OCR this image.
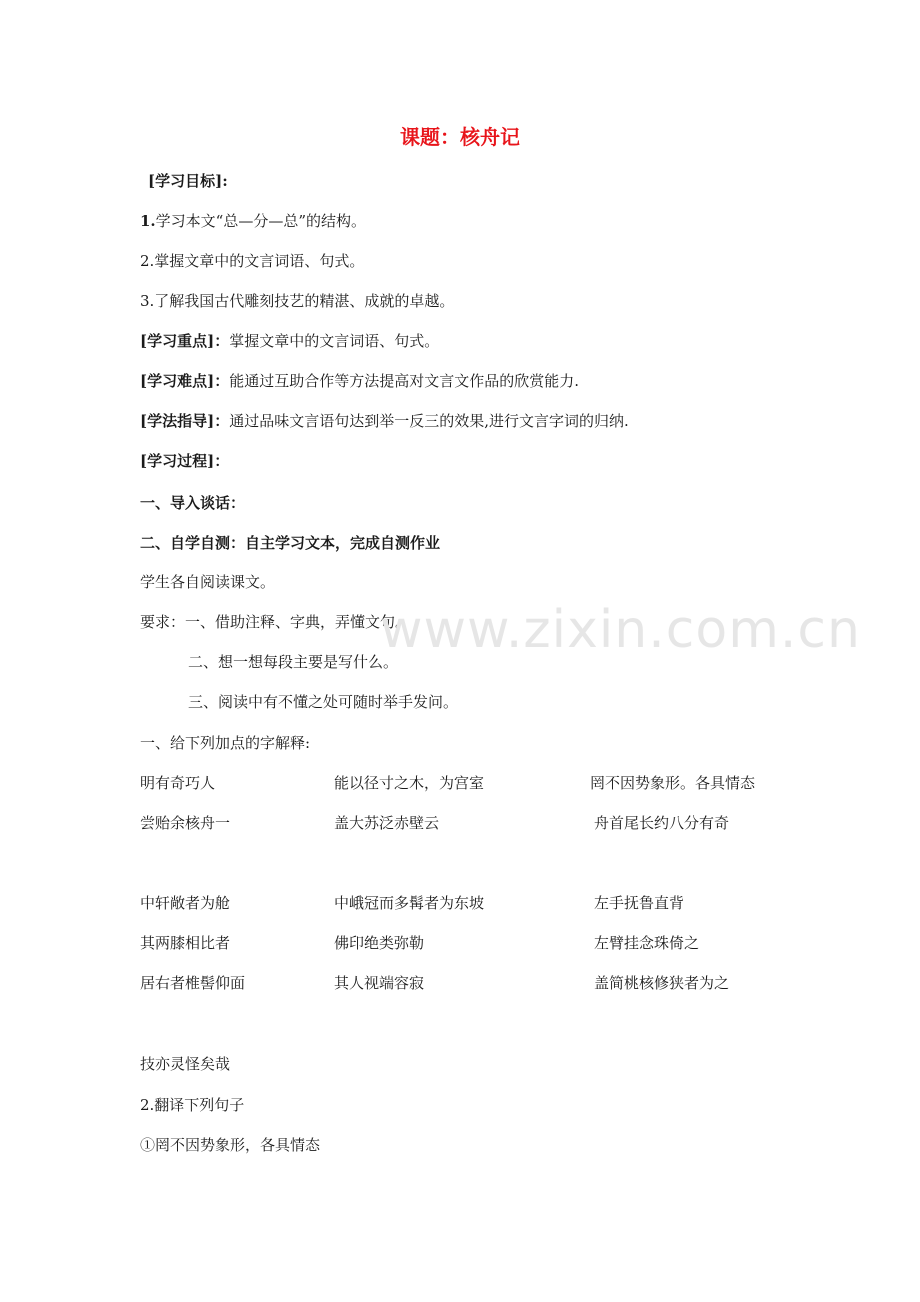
课题：核舟记
[学习目标]:
1.学习本文“总—分—总”的结构。
2.掌握文章中的文言词语、句式。
3.了解我国古代雕刻技艺的精湛、成就的卓越。
[学习重点]：掌握文章中的文言词语、句式。
[学习难点]：能通过互助合作等方法提高对文言文作品的欣赏能力.
[学法指导]：通过品味文言语句达到举一反三的效果,进行文言字词的归纳.
[学习过程]：
一、导入谈话：
二、自学自测：自主学习文本，完成自测作业
学生各自阅读课文。
要求：一、借助注释、字典，弄懂文句。
二、想一想每段主要是写什么。
三、阅读中有不懂之处可随时举手发问。
一、给下列加点的字解释:
明有奇巧人	能以径寸之木，为宫室	罔不因势象形。各具情态
尝贻余核舟一	盖大苏泛赤壁云	舟首尾长约八分有奇
中轩敞者为舱	中峨冠而多髯者为东坡	左手抚鲁直背
其两膝相比者	佛印绝类弥勒	左臂挂念珠倚之
居右者椎髻仰面	其人视端容寂	盖简桃核修狭者为之
技亦灵怪矣哉
2.翻译下列句子
①罔不因势象形，各具情态
www.zixin.com.cn
